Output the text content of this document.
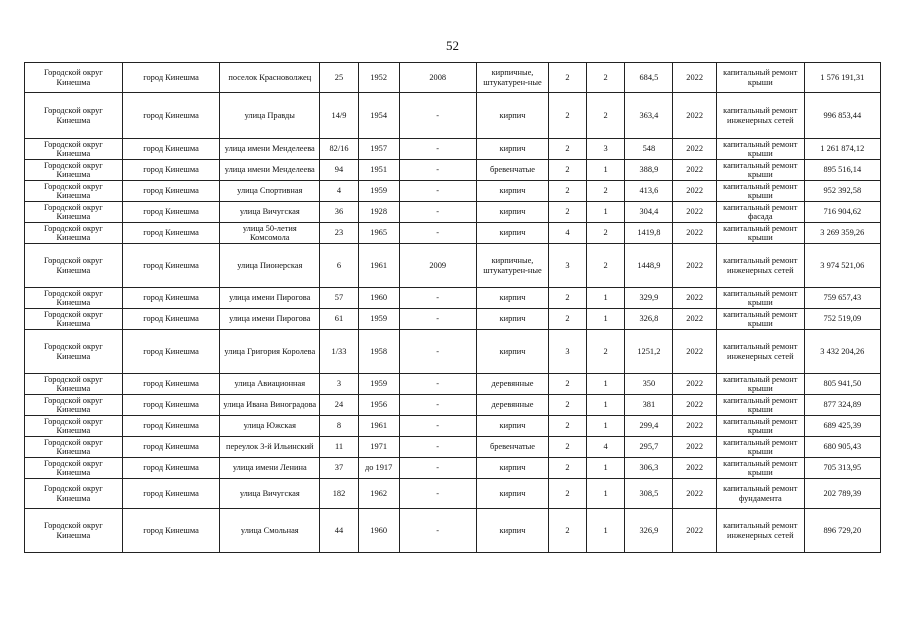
52
Городской округ Кинешма	город Кинешма	поселок Красноволжец	25	1952	2008	кирпичные, штукатурен-ные	2	2	684,5	2022	капитальный ремонт крыши	1 576 191,31
Городской округ Кинешма	город Кинешма	улица Правды	14/9	1954	-	кирпич	2	2	363,4	2022	капитальный ремонт инженерных сетей	996 853,44
Городской округ Кинешма	город Кинешма	улица имени Менделеева	82/16	1957	-	кирпич	2	3	548	2022	капитальный ремонт крыши	1 261 874,12
Городской округ Кинешма	город Кинешма	улица имени Менделеева	94	1951	-	бревенчатые	2	1	388,9	2022	капитальный ремонт крыши	895 516,14
Городской округ Кинешма	город Кинешма	улица Спортивная	4	1959	-	кирпич	2	2	413,6	2022	капитальный ремонт крыши	952 392,58
Городской округ Кинешма	город Кинешма	улица Вичугская	36	1928	-	кирпич	2	1	304,4	2022	капитальный ремонт фасада	716 904,62
Городской округ Кинешма	город Кинешма	улица 50-летия Комсомола	23	1965	-	кирпич	4	2	1419,8	2022	капитальный ремонт крыши	3 269 359,26
Городской округ Кинешма	город Кинешма	улица Пионерская	6	1961	2009	кирпичные, штукатурен-ные	3	2	1448,9	2022	капитальный ремонт инженерных сетей	3 974 521,06
Городской округ Кинешма	город Кинешма	улица имени Пирогова	57	1960	-	кирпич	2	1	329,9	2022	капитальный ремонт крыши	759 657,43
Городской округ Кинешма	город Кинешма	улица имени Пирогова	61	1959	-	кирпич	2	1	326,8	2022	капитальный ремонт крыши	752 519,09
Городской округ Кинешма	город Кинешма	улица Григория Королева	1/33	1958	-	кирпич	3	2	1251,2	2022	капитальный ремонт инженерных сетей	3 432 204,26
Городской округ Кинешма	город Кинешма	улица Авиационная	3	1959	-	деревянные	2	1	350	2022	капитальный ремонт крыши	805 941,50
Городской округ Кинешма	город Кинешма	улица Ивана Виноградова	24	1956	-	деревянные	2	1	381	2022	капитальный ремонт крыши	877 324,89
Городской округ Кинешма	город Кинешма	улица Южская	8	1961	-	кирпич	2	1	299,4	2022	капитальный ремонт крыши	689 425,39
Городской округ Кинешма	город Кинешма	переулок 3-й Ильинский	11	1971	-	бревенчатые	2	4	295,7	2022	капитальный ремонт крыши	680 905,43
Городской округ Кинешма	город Кинешма	улица имени Ленина	37	до 1917	-	кирпич	2	1	306,3	2022	капитальный ремонт крыши	705 313,95
Городской округ Кинешма	город Кинешма	улица Вичугская	182	1962	-	кирпич	2	1	308,5	2022	капитальный ремонт фундамента	202 789,39
Городской округ Кинешма	город Кинешма	улица Смольная	44	1960	-	кирпич	2	1	326,9	2022	капитальный ремонт инженерных сетей	896 729,20
